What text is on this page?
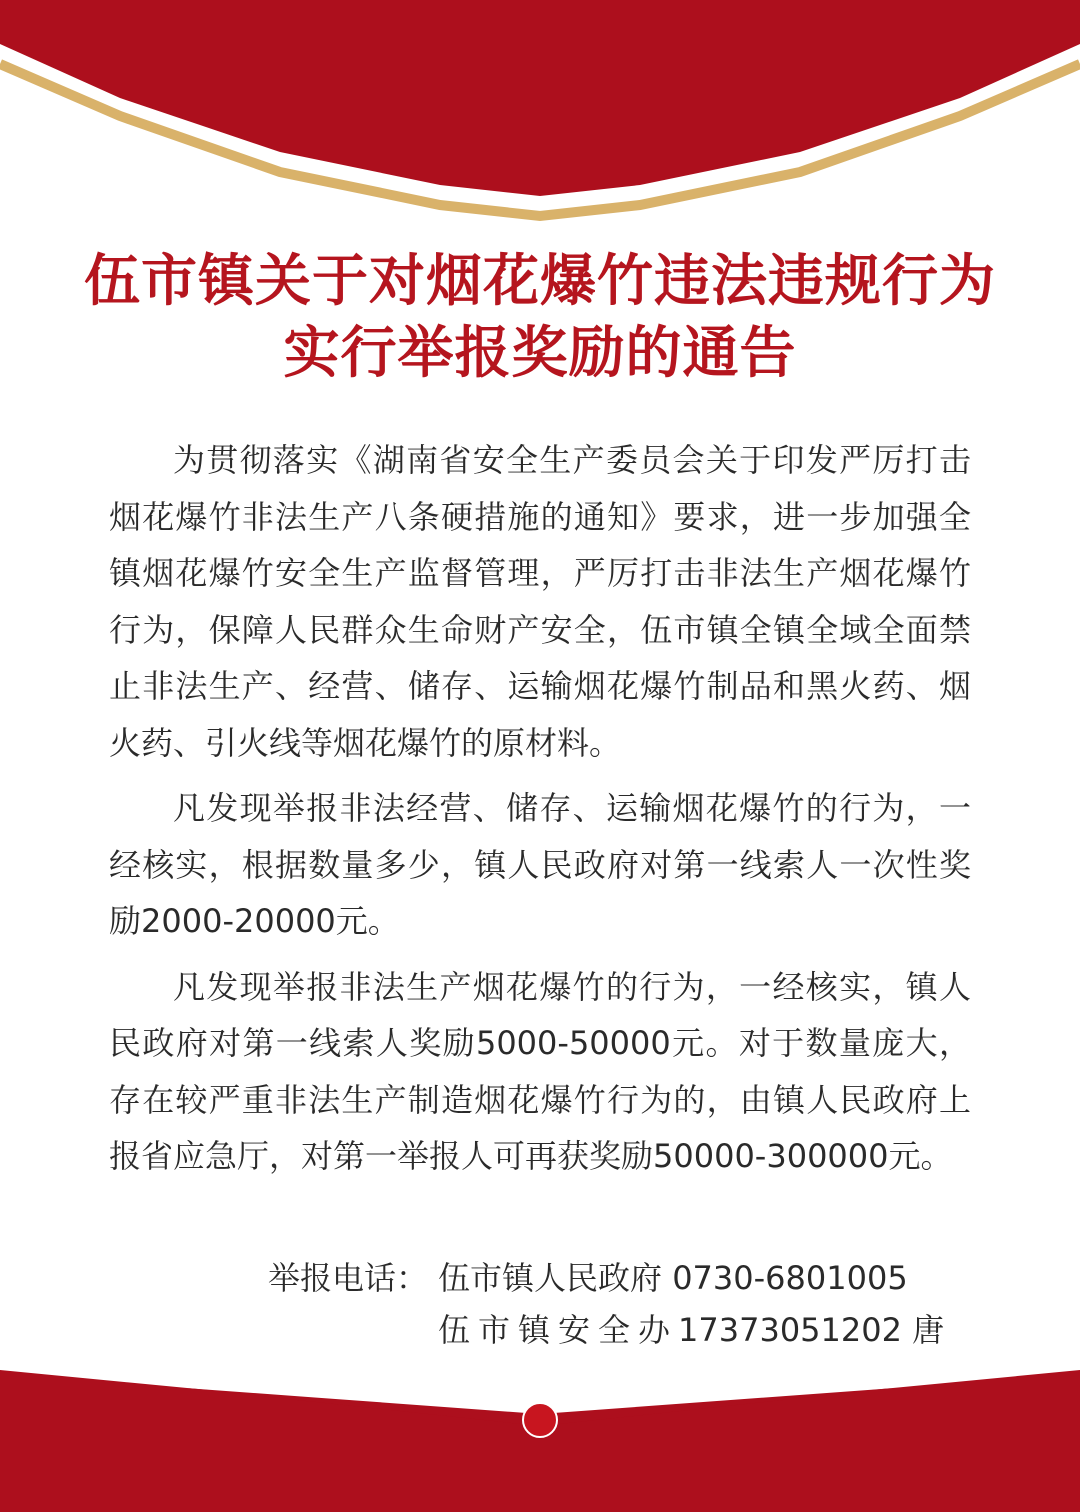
伍市镇关于对烟花爆竹违法违规行为
实行举报奖励的通告

为贯彻落实《湖南省安全生产委员会关于印发严厉打击烟花爆竹非法生产八条硬措施的通知》要求，进一步加强全镇烟花爆竹安全生产监督管理，严厉打击非法生产烟花爆竹行为，保障人民群众生命财产安全，伍市镇全镇全域全面禁止非法生产、经营、储存、运输烟花爆竹制品和黑火药、烟火药、引火线等烟花爆竹的原材料。

凡发现举报非法经营、储存、运输烟花爆竹的行为，一经核实，根据数量多少，镇人民政府对第一线索人一次性奖励2000-20000元。

凡发现举报非法生产烟花爆竹的行为，一经核实，镇人民政府对第一线索人奖励5000-50000元。对于数量庞大，存在较严重非法生产制造烟花爆竹行为的，由镇人民政府上报省应急厅，对第一举报人可再获奖励50000-300000元。

举报电话： 伍市镇人民政府 0730-6801005
伍市镇安全办17373051202 唐
